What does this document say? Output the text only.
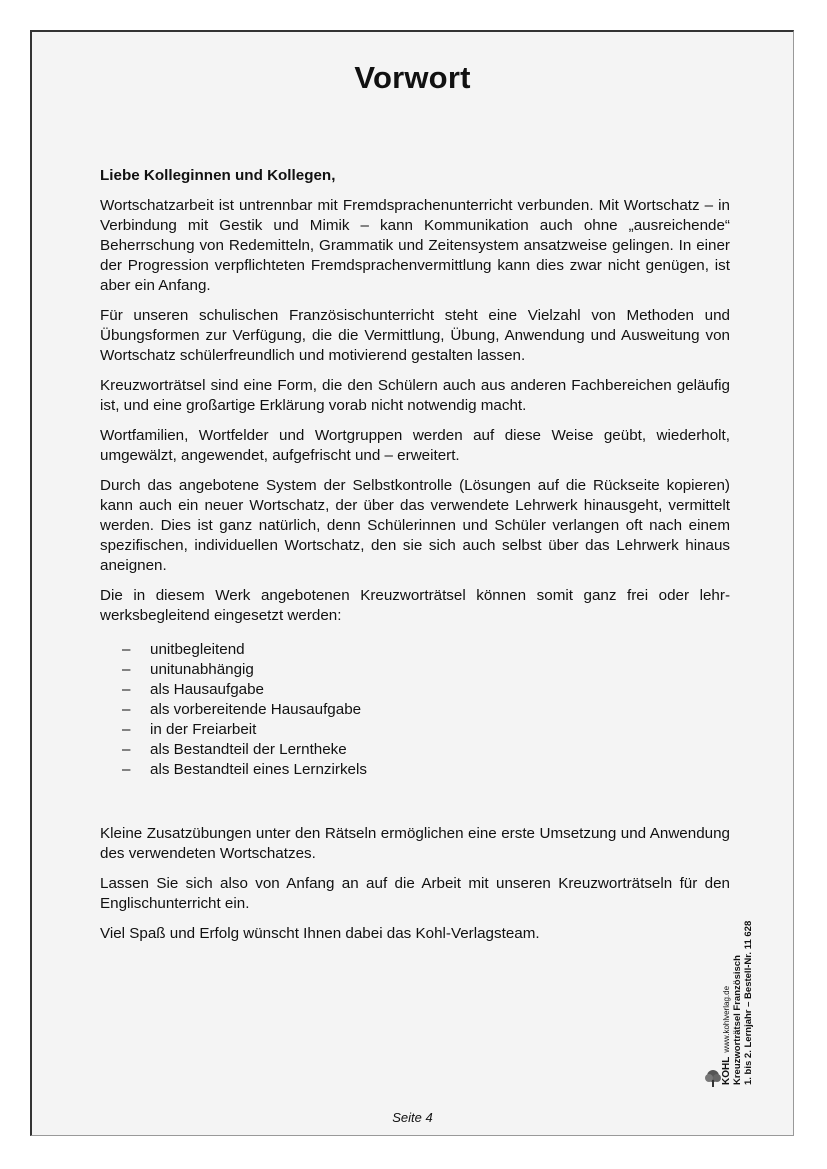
Vorwort

Liebe Kolleginnen und Kollegen,

Wortschatzarbeit ist untrennbar mit Fremdsprachenunterricht verbunden. Mit Wortschatz – in Verbindung mit Gestik und Mimik – kann Kommunikation auch ohne „ausreichende“ Beherrschung von Redemitteln, Grammatik und Zeitensystem ansatzweise gelingen. In einer der Progression verpflichteten Fremdsprachenvermittlung kann dies zwar nicht genügen, ist aber ein Anfang.

Für unseren schulischen Französischunterricht steht eine Vielzahl von Methoden und Übungsformen zur Verfügung, die die Vermittlung, Übung, Anwendung und Ausweitung von Wortschatz schülerfreundlich und motivierend gestalten lassen.

Kreuzworträtsel sind eine Form, die den Schülern auch aus anderen Fachbereichen geläufig ist, und eine großartige Erklärung vorab nicht notwendig macht.

Wortfamilien, Wortfelder und Wortgruppen werden auf diese Weise geübt, wiederholt, umgewälzt, angewendet, aufgefrischt und – erweitert.

Durch das angebotene System der Selbstkontrolle (Lösungen auf die Rückseite kopieren) kann auch ein neuer Wortschatz, der über das verwendete Lehrwerk hinausgeht, vermittelt werden. Dies ist ganz natürlich, denn Schülerinnen und Schüler verlangen oft nach einem spezifischen, individuellen Wortschatz, den sie sich auch selbst über das Lehrwerk hinaus aneignen.

Die in diesem Werk angebotenen Kreuzworträtsel können somit ganz frei oder lehrwerksbegleitend eingesetzt werden:

– unitbegleitend
– unitunabhängig
– als Hausaufgabe
– als vorbereitende Hausaufgabe
– in der Freiarbeit
– als Bestandteil der Lerntheke
– als Bestandteil eines Lernzirkels

Kleine Zusatzübungen unter den Rätseln ermöglichen eine erste Umsetzung und Anwendung des verwendeten Wortschatzes.

Lassen Sie sich also von Anfang an auf die Arbeit mit unseren Kreuzworträtseln für den Englischunterricht ein.

Viel Spaß und Erfolg wünscht Ihnen dabei das Kohl-Verlagsteam.

Seite 4
KOHLwww.kohlverlag.de Kreuzworträtsel Französisch 1. bis 2. Lernjahr – Bestell-Nr. 11 628
